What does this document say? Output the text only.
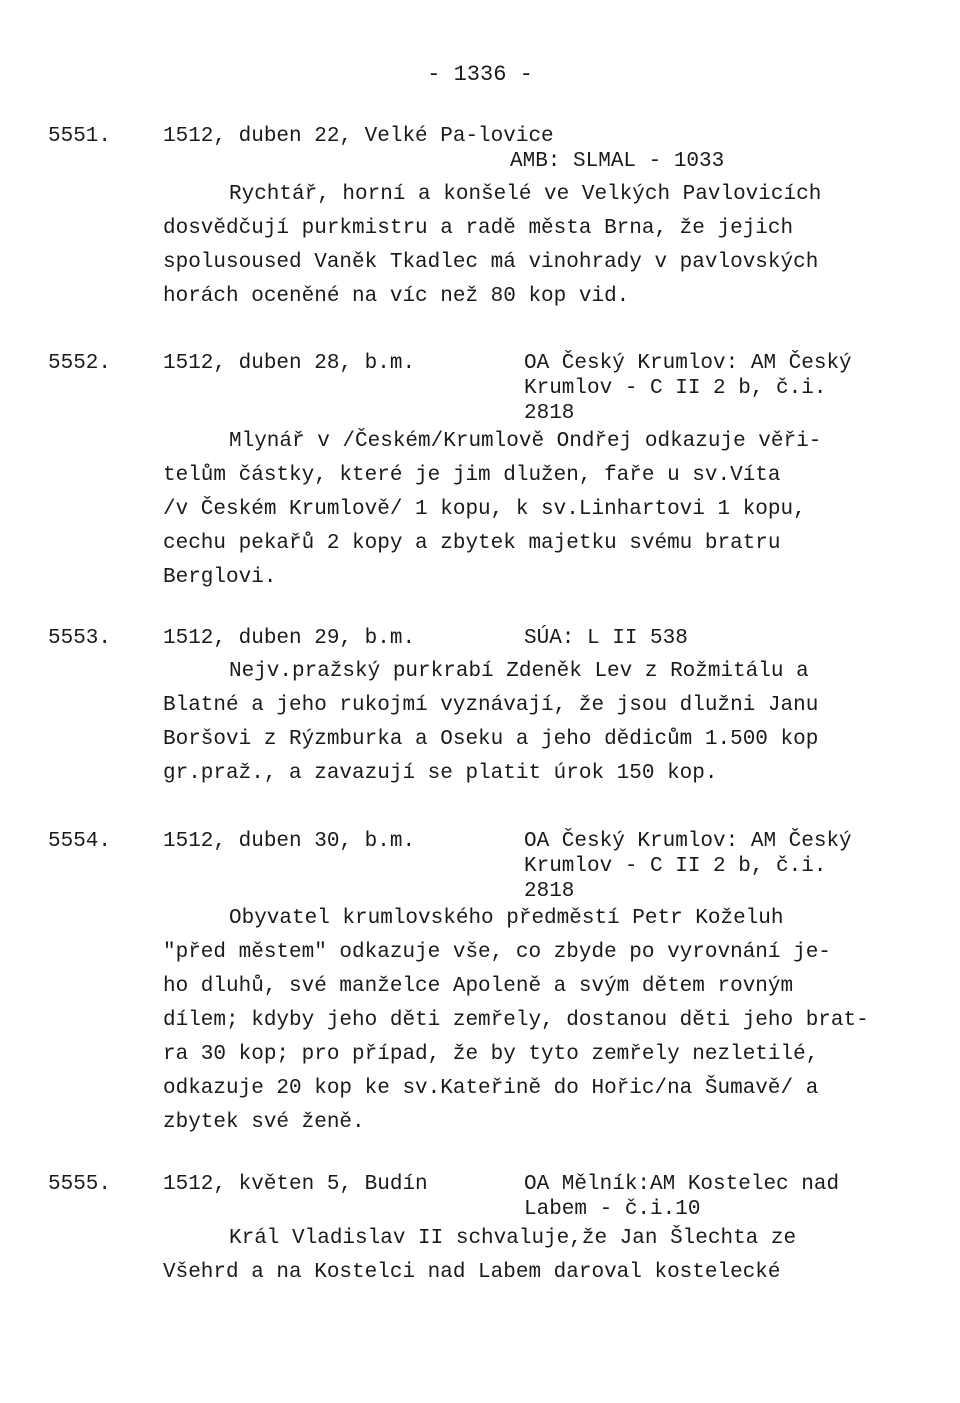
- 1336 -
5551. 1512, duben 22, Velké Pa-lovice
AMB: SLMAL - 1033
Rychtář, horní a konšelé ve Velkých Pavlovicích
dosvědčují purkmistru a radě města Brna, že jejich
spolusoused Vaněk Tkadlec má vinohrady v pavlovských
horách oceněné na víc než 80 kop vid.
5552. 1512, duben 28, b.m.	OA Český Krumlov: AM Český
Krumlov - C II 2 b, č.i.
2818
Mlynář v /Českém/Krumlově Ondřej odkazuje věři-
telům částky, které je jim dlužen, faře u sv.Víta
/v Českém Krumlově/ 1 kopu, k sv.Linhartovi 1 kopu,
cechu pekařů 2 kopy a zbytek majetku svému bratru
Berglovi.
5553. 1512, duben 29, b.m.	SÚA: L II 538
Nejv.pražský purkrabí Zdeněk Lev z Rožmitálu a
Blatné a jeho rukojmí vyznávají, že jsou dlužni Janu
Boršovi z Rýzmburka a Oseku a jeho dědicům 1.500 kop
gr.praž., a zavazují se platit úrok 150 kop.
5554. 1512, duben 30, b.m.	OA Český Krumlov: AM Český
Krumlov - C II 2 b, č.i.
2818
Obyvatel krumlovského předměstí Petr Koželuh
"před městem" odkazuje vše, co zbyde po vyrovnání je-
ho dluhů, své manželce Apoleně a svým dětem rovným
dílem; kdyby jeho děti zemřely, dostanou děti jeho brat-
ra 30 kop; pro případ, že by tyto zemřely nezletilé,
odkazuje 20 kop ke sv.Kateřině do Hořic/na Šumavě/ a
zbytek své ženě.
5555. 1512, květen 5, Budín	OA Mělník:AM Kostelec nad
Labem - č.i.10
Král Vladislav II schvaluje,že Jan Šlechta ze
Všehrd a na Kostelci nad Labem daroval kostelecké
